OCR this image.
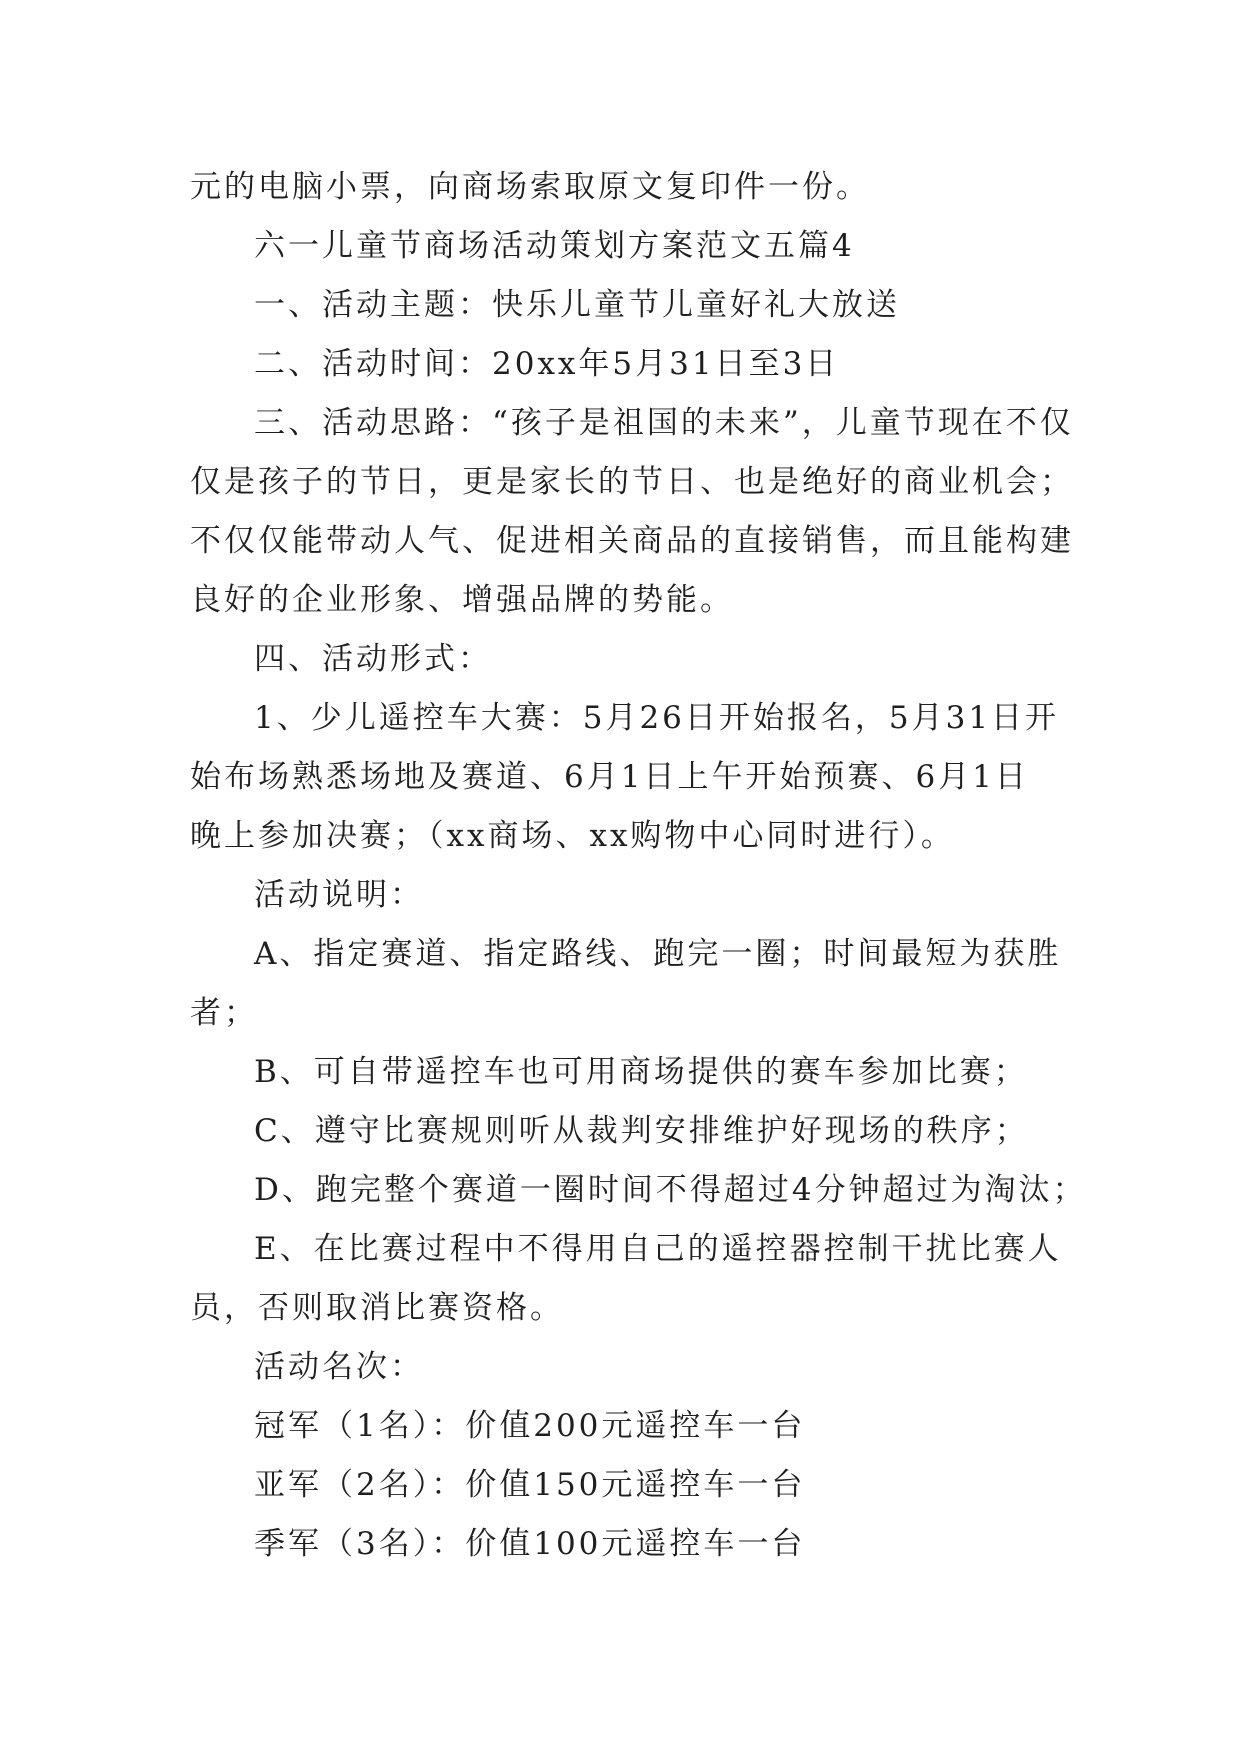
元的电脑小票，向商场索取原文复印件一份。
六一儿童节商场活动策划方案范文五篇4
一、活动主题：快乐儿童节儿童好礼大放送
二、活动时间：20xx年5月31日至3日
三、活动思路：“孩子是祖国的未来”，儿童节现在不仅
仅是孩子的节日，更是家长的节日、也是绝好的商业机会；
不仅仅能带动人气、促进相关商品的直接销售，而且能构建
良好的企业形象、增强品牌的势能。
四、活动形式：
1、少儿遥控车大赛：5月26日开始报名，5月31日开
始布场熟悉场地及赛道、6月1日上午开始预赛、6月1日
晚上参加决赛；（xx商场、xx购物中心同时进行）。
活动说明：
A、指定赛道、指定路线、跑完一圈；时间最短为获胜
者；
B、可自带遥控车也可用商场提供的赛车参加比赛；
C、遵守比赛规则听从裁判安排维护好现场的秩序；
D、跑完整个赛道一圈时间不得超过4分钟超过为淘汰；
E、在比赛过程中不得用自己的遥控器控制干扰比赛人
员，否则取消比赛资格。
活动名次：
冠军（1名）：价值200元遥控车一台
亚军（2名）：价值150元遥控车一台
季军（3名）：价值100元遥控车一台
